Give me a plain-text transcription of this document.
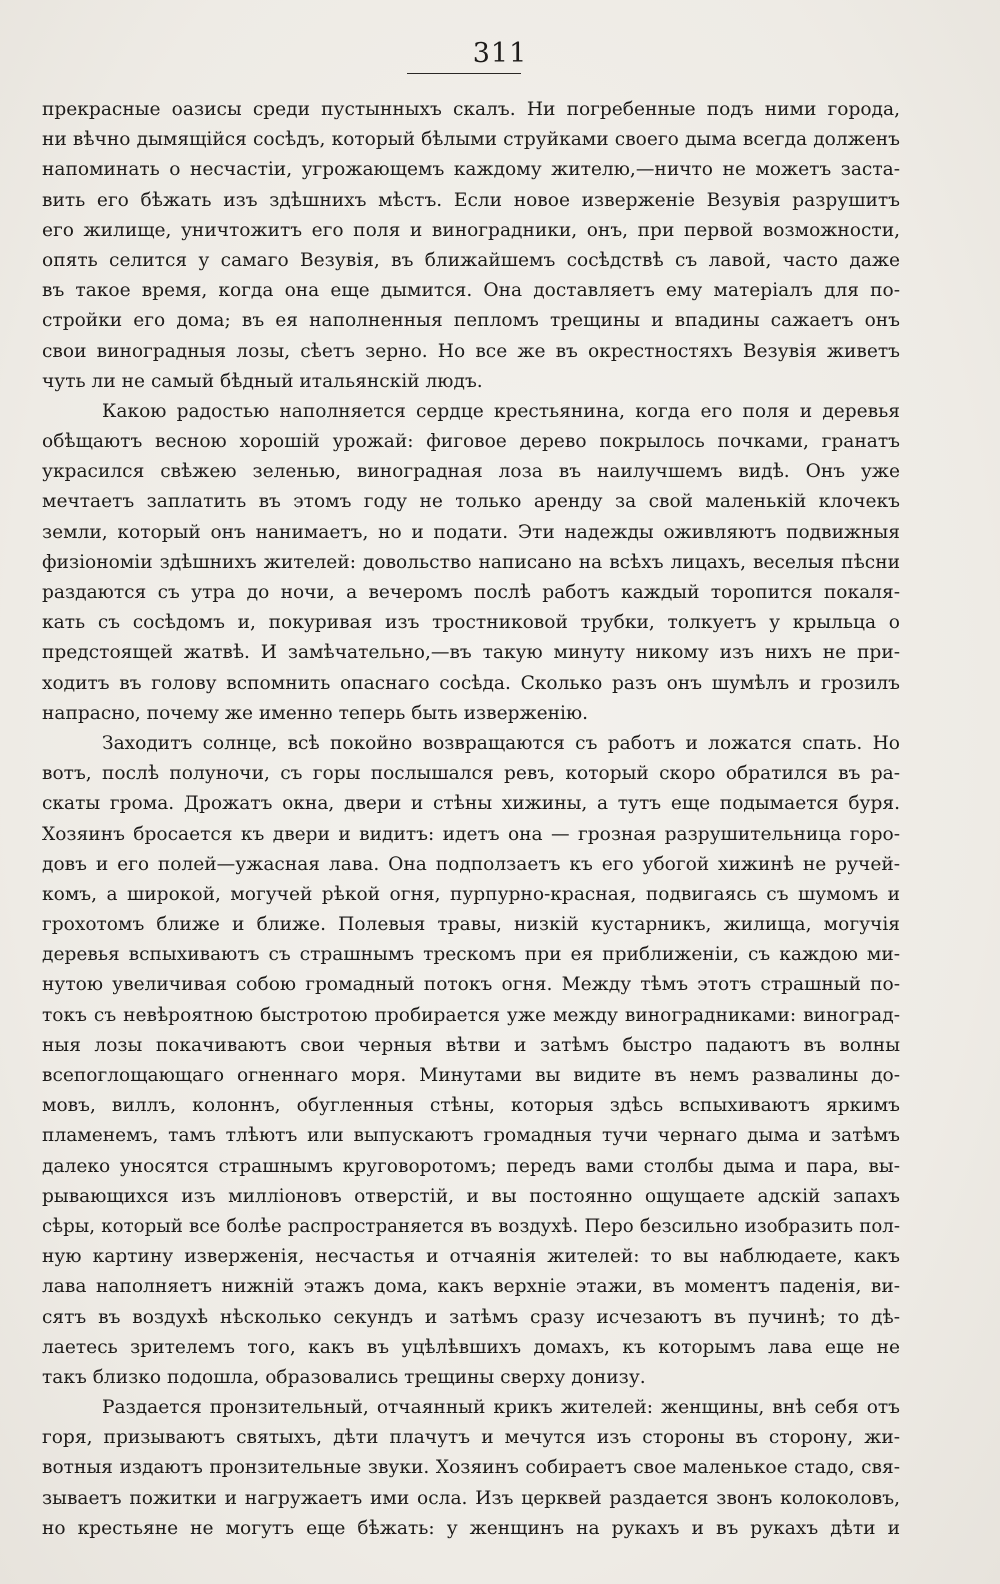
311
прекрасные оазисы среди пустынныхъ скалъ. Ни погребенные подъ ними города,
ни вѣчно дымящійся сосѣдъ, который бѣлыми струйками своего дыма всегда долженъ
напоминать о несчастіи, угрожающемъ каждому жителю,—ничто не можетъ заста-
вить его бѣжать изъ здѣшнихъ мѣстъ. Если новое изверженіе Везувія разрушитъ
его жилище, уничтожитъ его поля и виноградники, онъ, при первой возможности,
опять селится у самаго Везувія, въ ближайшемъ сосѣдствѣ съ лавой, часто даже
въ такое время, когда она еще дымится. Она доставляетъ ему матеріалъ для по-
стройки его дома; въ ея наполненныя пепломъ трещины и впадины сажаетъ онъ
свои виноградныя лозы, сѣетъ зерно. Но все же въ окрестностяхъ Везувія живетъ
чуть ли не самый бѣдный итальянскій людъ.
Какою радостью наполняется сердце крестьянина, когда его поля и деревья
обѣщаютъ весною хорошій урожай: фиговое дерево покрылось почками, гранатъ
украсился свѣжею зеленью, виноградная лоза въ наилучшемъ видѣ. Онъ уже
мечтаетъ заплатить въ этомъ году не только аренду за свой маленькій клочекъ
земли, который онъ нанимаетъ, но и подати. Эти надежды оживляютъ подвижныя
физіономіи здѣшнихъ жителей: довольство написано на всѣхъ лицахъ, веселыя пѣсни
раздаются съ утра до ночи, а вечеромъ послѣ работъ каждый торопится покаля-
кать съ сосѣдомъ и, покуривая изъ тростниковой трубки, толкуетъ у крыльца о
предстоящей жатвѣ. И замѣчательно,—въ такую минуту никому изъ нихъ не при-
ходитъ въ голову вспомнить опаснаго сосѣда. Сколько разъ онъ шумѣлъ и грозилъ
напрасно, почему же именно теперь быть изверженію.
Заходитъ солнце, всѣ покойно возвращаются съ работъ и ложатся спать. Но
вотъ, послѣ полуночи, съ горы послышался ревъ, который скоро обратился въ ра-
скаты грома. Дрожатъ окна, двери и стѣны хижины, а тутъ еще подымается буря.
Хозяинъ бросается къ двери и видитъ: идетъ она — грозная разрушительница горо-
довъ и его полей—ужасная лава. Она подползаетъ къ его убогой хижинѣ не ручей-
комъ, а широкой, могучей рѣкой огня, пурпурно-красная, подвигаясь съ шумомъ и
грохотомъ ближе и ближе. Полевыя травы, низкій кустарникъ, жилища, могучія
деревья вспыхиваютъ съ страшнымъ трескомъ при ея приближеніи, съ каждою ми-
нутою увеличивая собою громадный потокъ огня. Между тѣмъ этотъ страшный по-
токъ съ невѣроятною быстротою пробирается уже между виноградниками: виноград-
ныя лозы покачиваютъ свои черныя вѣтви и затѣмъ быстро падаютъ въ волны
всепоглощающаго огненнаго моря. Минутами вы видите въ немъ развалины до-
мовъ, виллъ, колоннъ, обугленныя стѣны, которыя здѣсь вспыхиваютъ яркимъ
пламенемъ, тамъ тлѣютъ или выпускаютъ громадныя тучи чернаго дыма и затѣмъ
далеко уносятся страшнымъ круговоротомъ; передъ вами столбы дыма и пара, вы-
рывающихся изъ милліоновъ отверстій, и вы постоянно ощущаете адскій запахъ
сѣры, который все болѣе распространяется въ воздухѣ. Перо безсильно изобразить пол-
ную картину изверженія, несчастья и отчаянія жителей: то вы наблюдаете, какъ
лава наполняетъ нижній этажъ дома, какъ верхніе этажи, въ моментъ паденія, ви-
сятъ въ воздухѣ нѣсколько секундъ и затѣмъ сразу исчезаютъ въ пучинѣ; то дѣ-
лаетесь зрителемъ того, какъ въ уцѣлѣвшихъ домахъ, къ которымъ лава еще не
такъ близко подошла, образовались трещины сверху донизу.
Раздается пронзительный, отчаянный крикъ жителей: женщины, внѣ себя отъ
горя, призываютъ святыхъ, дѣти плачутъ и мечутся изъ стороны въ сторону, жи-
вотныя издаютъ пронзительные звуки. Хозяинъ собираетъ свое маленькое стадо, свя-
зываетъ пожитки и нагружаетъ ими осла. Изъ церквей раздается звонъ колоколовъ,
но крестьяне не могутъ еще бѣжать: у женщинъ на рукахъ и въ рукахъ дѣти и
